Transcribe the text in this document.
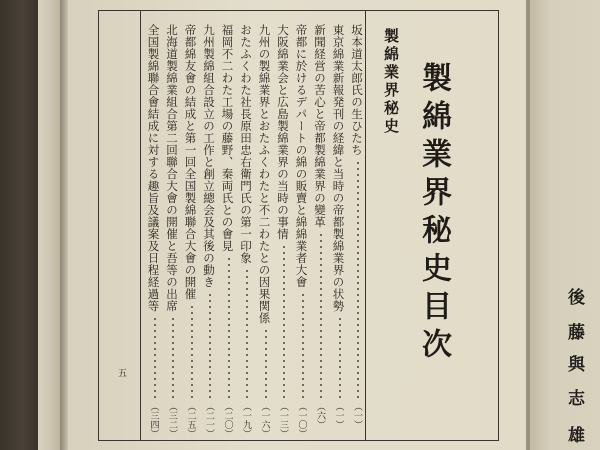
製綿業界秘史目次
製綿業界秘史
坂本道太郎氏の生ひたち
（一）
東京綿業新報発刊の経緯と当時の帝都製綿業界の状勢
（一）
新聞経営の苦心と帝都製綿業界の變革
（六）
帝都に於けるデパートの綿の販賣と綿綿業者大會
（一〇）
大阪綿業会と広島製綿業界の当時の事情
（一三）
九州の製綿業界とおたふくわたと不二わたとの因果関係
（一六）
おたふくわた社長原田忠右衛門氏の第一印象
（一九）
福岡不二わた工場の藤野、秦両氏との會見
（二〇）
九州製綿組合設立の工作と創立總会及其後の動き
（二一）
帝都綿友會の結成と第一回全国製綿聯合大會の開催
（二五）
北海道製綿業組合第二回聯合大會の開催と吾等の出席
（三二）
全国製綿聯合會結成に対する趣旨及議案及日程経過等
（三四）
五
後
藤
與
志
雄
